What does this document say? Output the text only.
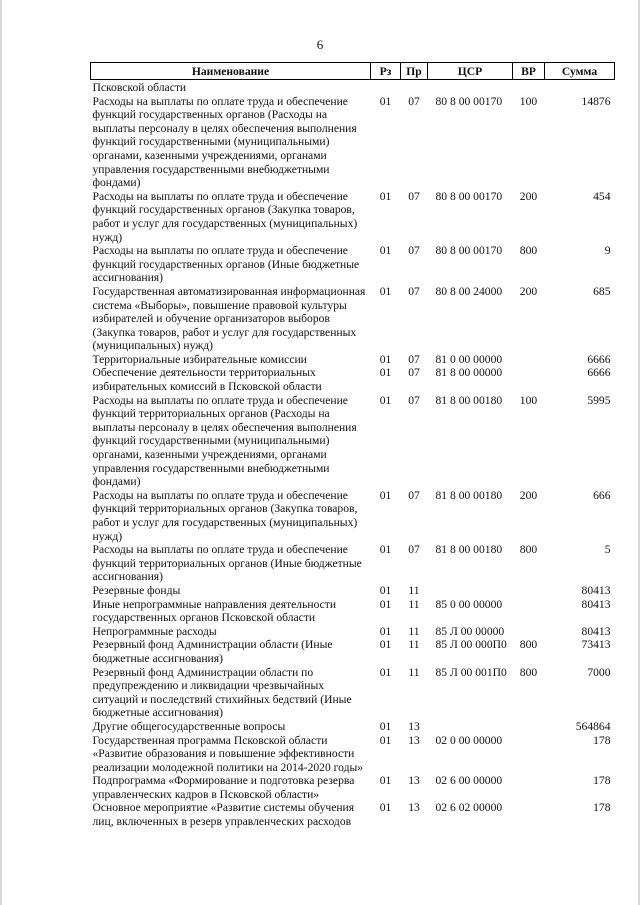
6
Наименование	Рз	Пр	ЦСР	ВР	Сумма
Псковской области					
Расходы на выплаты по оплате труда и обеспечение функций государственных органов (Расходы на выплаты персоналу в целях обеспечения выполнения функций государственными (муниципальными) органами, казенными учреждениями, органами управления государственными внебюджетными фондами)	01	07	80 8 00 00170	100	14876
Расходы на выплаты по оплате труда и обеспечение функций государственных органов (Закупка товаров, работ и услуг для государственных (муниципальных) нужд)	01	07	80 8 00 00170	200	454
Расходы на выплаты по оплате труда и обеспечение функций государственных органов (Иные бюджетные ассигнования)	01	07	80 8 00 00170	800	9
Государственная автоматизированная информационная система «Выборы», повышение правовой культуры избирателей и обучение организаторов выборов (Закупка товаров, работ и услуг для государственных (муниципальных) нужд)	01	07	80 8 00 24000	200	685
Территориальные избирательные комиссии	01	07	81 0 00 00000		6666
Обеспечение деятельности территориальных избирательных комиссий в Псковской области	01	07	81 8 00 00000		6666
Расходы на выплаты по оплате труда и обеспечение функций территориальных органов (Расходы на выплаты персоналу в целях обеспечения выполнения функций государственными (муниципальными) органами, казенными учреждениями, органами управления государственными внебюджетными фондами)	01	07	81 8 00 00180	100	5995
Расходы на выплаты по оплате труда и обеспечение функций территориальных органов (Закупка товаров, работ и услуг для государственных (муниципальных) нужд)	01	07	81 8 00 00180	200	666
Расходы на выплаты по оплате труда и обеспечение функций территориальных органов (Иные бюджетные ассигнования)	01	07	81 8 00 00180	800	5
Резервные фонды	01	11			80413
Иные непрограммные направления деятельности государственных органов Псковской области	01	11	85 0 00 00000		80413
Непрограммные расходы	01	11	85 Л 00 00000		80413
Резервный фонд Администрации области (Иные бюджетные ассигнования)	01	11	85 Л 00 000П0	800	73413
Резервный фонд Администрации области по предупреждению и ликвидации чрезвычайных ситуаций и последствий стихийных бедствий (Иные бюджетные ассигнования)	01	11	85 Л 00 001П0	800	7000
Другие общегосударственные вопросы	01	13			564864
Государственная программа Псковской области «Развитие образования и повышение эффективности реализации молодежной политики на 2014-2020 годы»	01	13	02 0 00 00000		178
Подпрограмма «Формирование и подготовка резерва управленческих кадров в Псковской области»	01	13	02 6 00 00000		178
Основное мероприятие «Развитие системы обучения лиц, включенных в резерв управленческих расходов	01	13	02 6 02 00000		178
